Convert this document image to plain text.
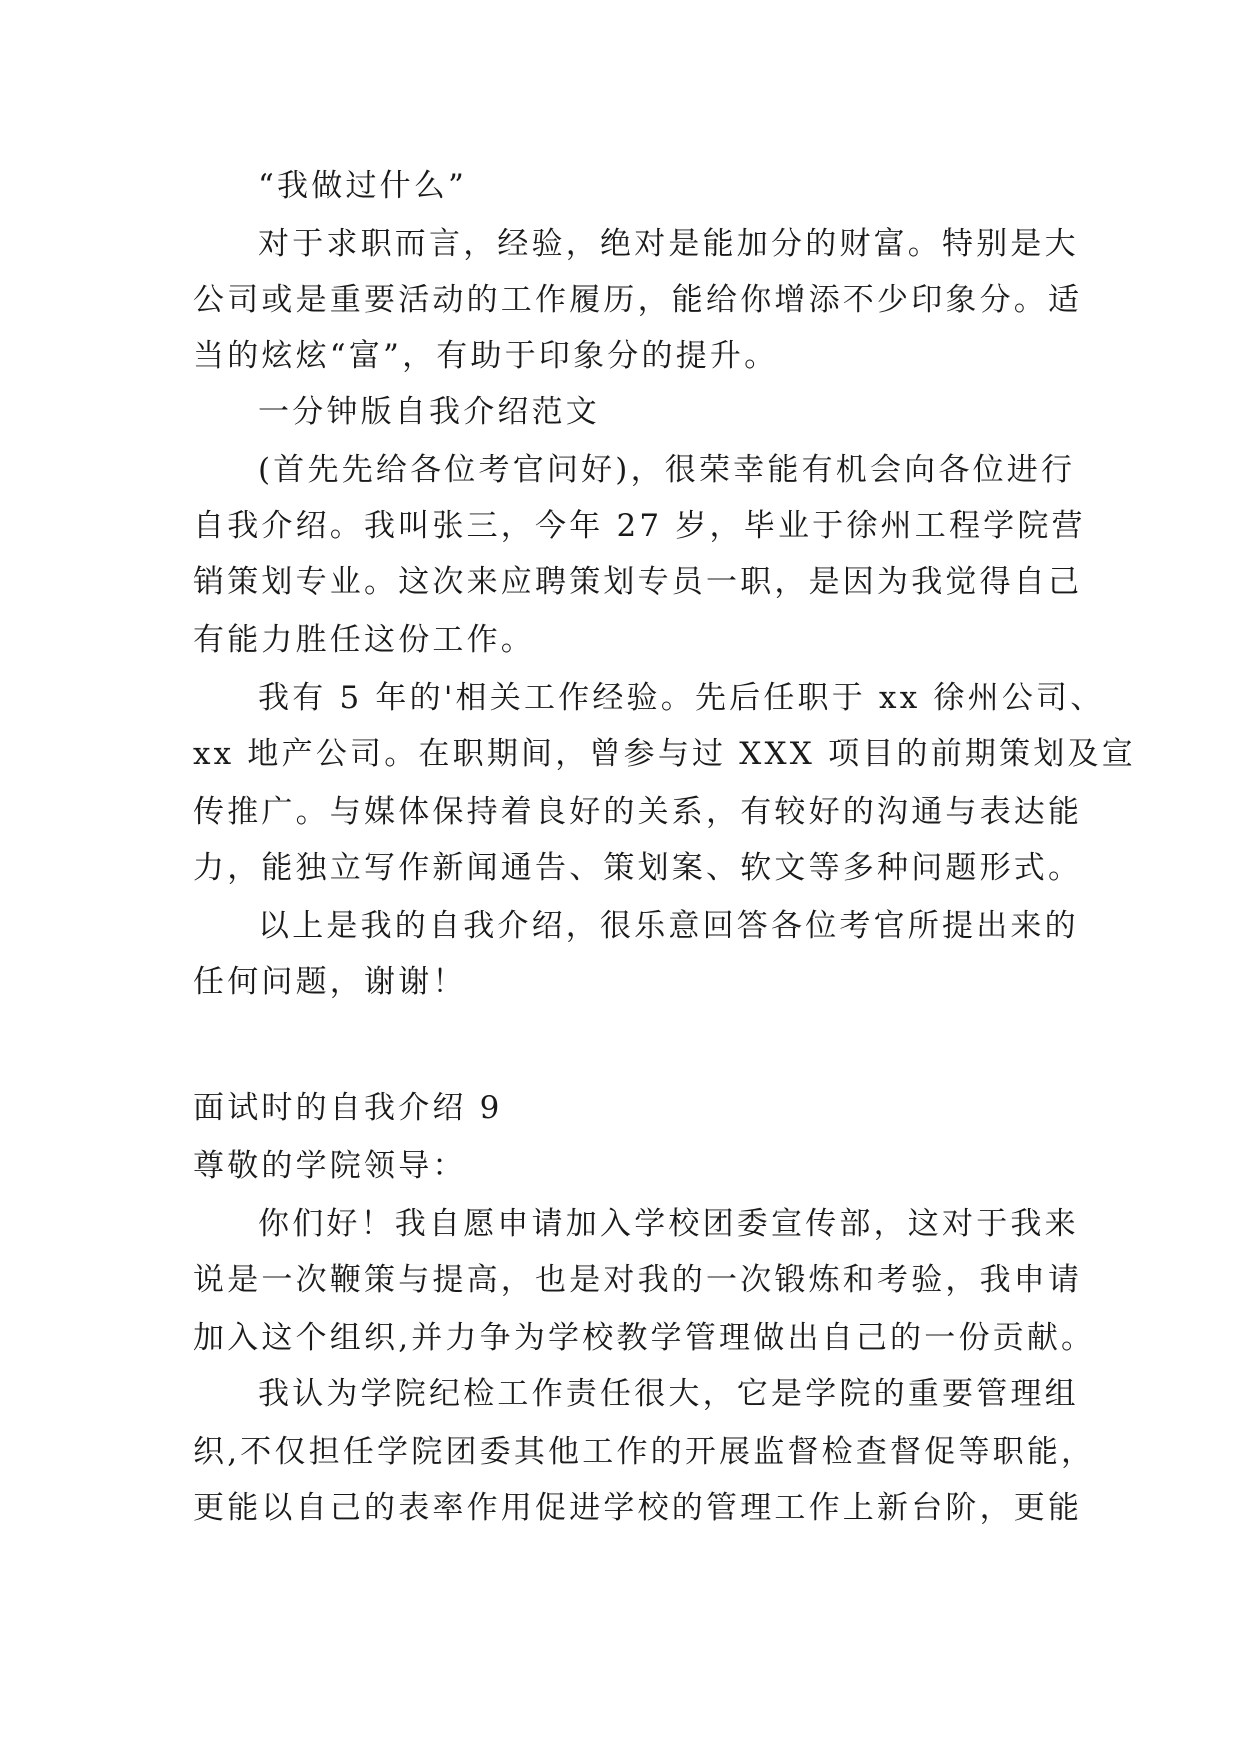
“我做过什么”
对于求职而言，经验，绝对是能加分的财富。特别是大
公司或是重要活动的工作履历，能给你增添不少印象分。适
当的炫炫“富”，有助于印象分的提升。
一分钟版自我介绍范文
(首先先给各位考官问好)，很荣幸能有机会向各位进行
自我介绍。我叫张三，今年 27 岁，毕业于徐州工程学院营
销策划专业。这次来应聘策划专员一职，是因为我觉得自己
有能力胜任这份工作。
我有 5 年的'相关工作经验。先后任职于 xx 徐州公司、
xx 地产公司。在职期间，曾参与过 XXX 项目的前期策划及宣
传推广。与媒体保持着良好的关系，有较好的沟通与表达能
力，能独立写作新闻通告、策划案、软文等多种问题形式。
以上是我的自我介绍，很乐意回答各位考官所提出来的
任何问题，谢谢！
面试时的自我介绍 9
尊敬的学院领导：
你们好！我自愿申请加入学校团委宣传部，这对于我来
说是一次鞭策与提高，也是对我的一次锻炼和考验，我申请
加入这个组织,并力争为学校教学管理做出自己的一份贡献。
我认为学院纪检工作责任很大，它是学院的重要管理组
织,不仅担任学院团委其他工作的开展监督检查督促等职能，
更能以自己的表率作用促进学校的管理工作上新台阶，更能
